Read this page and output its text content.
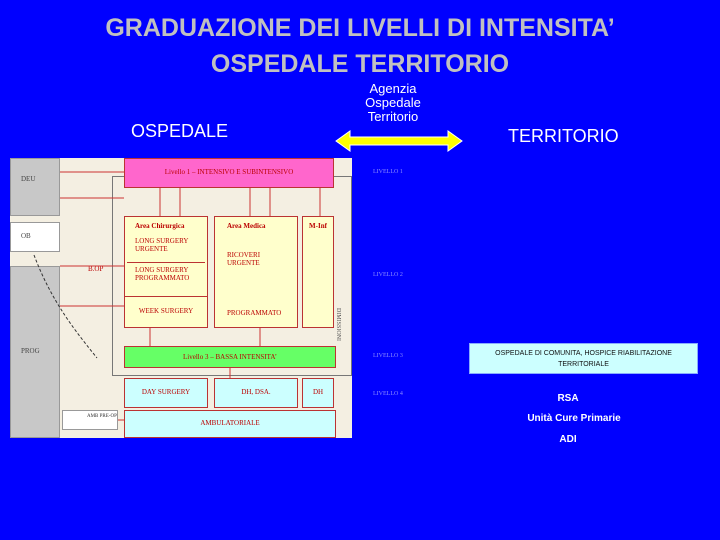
GRADUAZIONE DEI LIVELLI DI INTENSITA’
OSPEDALE TERRITORIO
OSPEDALE	TERRITORIO
Agenzia
Ospedale
Territorio
DEU
OB
PROG
B.OP
Livello 1 – INTENSIVO E SUBINTENSIVO
Area Chirurgica
LONG SURGERY URGENTE
LONG SURGERY PROGRAMMATO
WEEK SURGERY
Area Medica
RICOVERI URGENTE
PROGRAMMATO
M-Inf
Livello 3 – BASSA INTENSITA’
DAY SURGERY	DH, DSA.	DH
AMB PRE-OP
AMBULATORIALE
DIMISSIONI
LIVELLO 1
LIVELLO 2
LIVELLO 3
LIVELLO 4
OSPEDALE DI COMUNITA, HOSPICE RIABILITAZIONE TERRITORIALE
RSA
Unità Cure Primarie
ADI
